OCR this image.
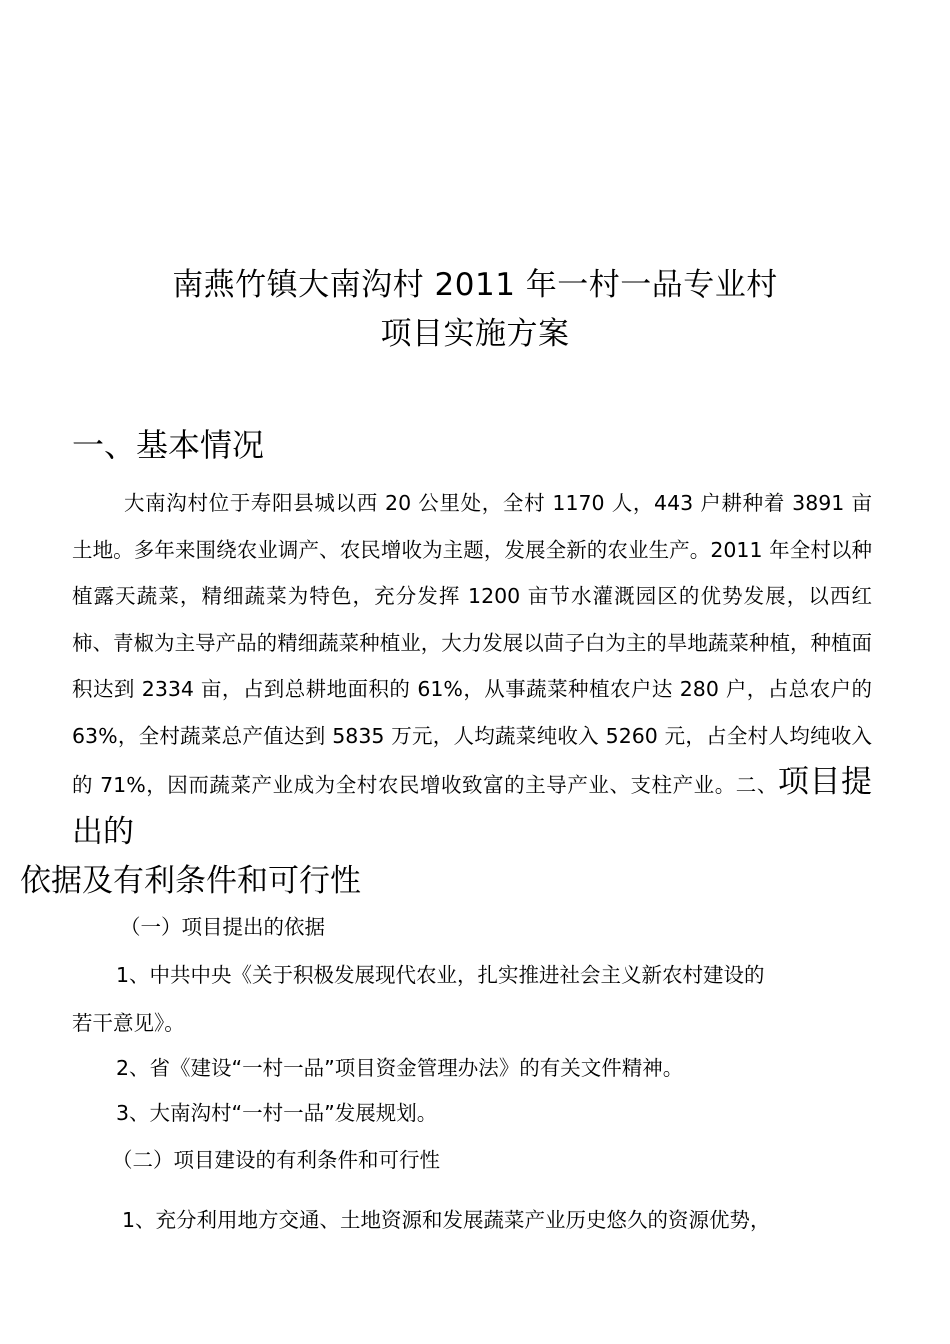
南燕竹镇大南沟村 2011 年一村一品专业村
项目实施方案
一、基本情况
大南沟村位于寿阳县城以西 20 公里处，全村 1170 人，443 户耕种着 3891 亩土地。多年来围绕农业调产、农民增收为主题，发展全新的农业生产。2011 年全村以种植露天蔬菜，精细蔬菜为特色，充分发挥 1200 亩节水灌溉园区的优势发展，以西红柿、青椒为主导产品的精细蔬菜种植业，大力发展以茴子白为主的旱地蔬菜种植，种植面积达到 2334 亩，占到总耕地面积的 61%，从事蔬菜种植农户达 280 户，占总农户的 63%，全村蔬菜总产值达到 5835 万元，人均蔬菜纯收入 5260 元，占全村人均纯收入的 71%，因而蔬菜产业成为全村农民增收致富的主导产业、支柱产业。二、项目提出的
依据及有利条件和可行性
（一）项目提出的依据
1、中共中央《关于积极发展现代农业，扎实推进社会主义新农村建设的
若干意见》。
2、省《建设“一村一品”项目资金管理办法》的有关文件精神。
3、大南沟村“一村一品”发展规划。
（二）项目建设的有利条件和可行性
1、充分利用地方交通、土地资源和发展蔬菜产业历史悠久的资源优势，
